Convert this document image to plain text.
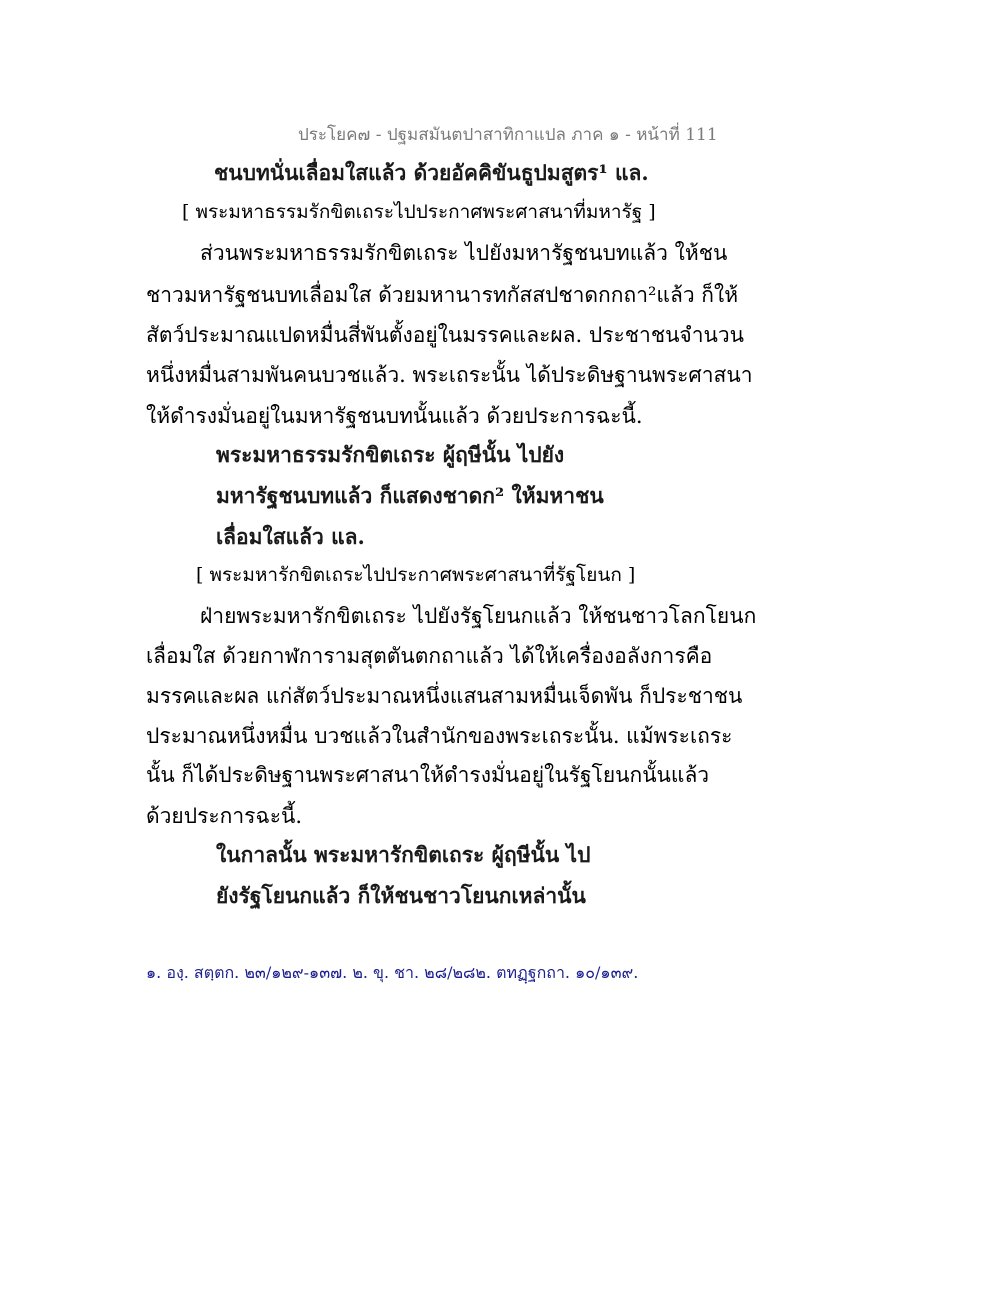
ประโยค๗ - ปฐมสมันตปาสาทิกาแปล ภาค ๑ - หน้าที่ 111
ชนบทนั่นเลื่อมใสแล้ว ด้วยอัคคิขันธูปมสูตร¹ แล.
[ พระมหาธรรมรักขิตเถระไปประกาศพระศาสนาที่มหารัฐ ]
ส่วนพระมหาธรรมรักขิตเถระ ไปยังมหารัฐชนบทแล้ว ให้ชน
ชาวมหารัฐชนบทเลื่อมใส ด้วยมหานารทกัสสปชาดกกถา²แล้ว ก็ให้
สัตว์ประมาณแปดหมื่นสี่พันตั้งอยู่ในมรรคและผล. ประชาชนจำนวน
หนึ่งหมื่นสามพันคนบวชแล้ว. พระเถระนั้น ได้ประดิษฐานพระศาสนา
ให้ดำรงมั่นอยู่ในมหารัฐชนบทนั้นแล้ว ด้วยประการฉะนี้.
พระมหาธรรมรักขิตเถระ ผู้ฤษีนั้น ไปยัง
มหารัฐชนบทแล้ว ก็แสดงชาดก² ให้มหาชน
เลื่อมใสแล้ว แล.
[ พระมหารักขิตเถระไปประกาศพระศาสนาที่รัฐโยนก ]
ฝ่ายพระมหารักขิตเถระ ไปยังรัฐโยนกแล้ว ให้ชนชาวโลกโยนก
เลื่อมใส ด้วยกาฬการามสุตตันตกถาแล้ว ได้ให้เครื่องอลังการคือ
มรรคและผล แก่สัตว์ประมาณหนึ่งแสนสามหมื่นเจ็ดพัน ก็ประชาชน
ประมาณหนึ่งหมื่น บวชแล้วในสำนักของพระเถระนั้น. แม้พระเถระ
นั้น ก็ได้ประดิษฐานพระศาสนาให้ดำรงมั่นอยู่ในรัฐโยนกนั้นแล้ว
ด้วยประการฉะนี้.
ในกาลนั้น พระมหารักขิตเถระ ผู้ฤษีนั้น ไป
ยังรัฐโยนกแล้ว ก็ให้ชนชาวโยนกเหล่านั้น
๑. องฺ. สตฺตก. ๒๓/๑๒๙-๑๓๗. ๒. ขุ. ชา. ๒๘/๒๘๒. ตทฏฺฐกถา. ๑๐/๑๓๙.
